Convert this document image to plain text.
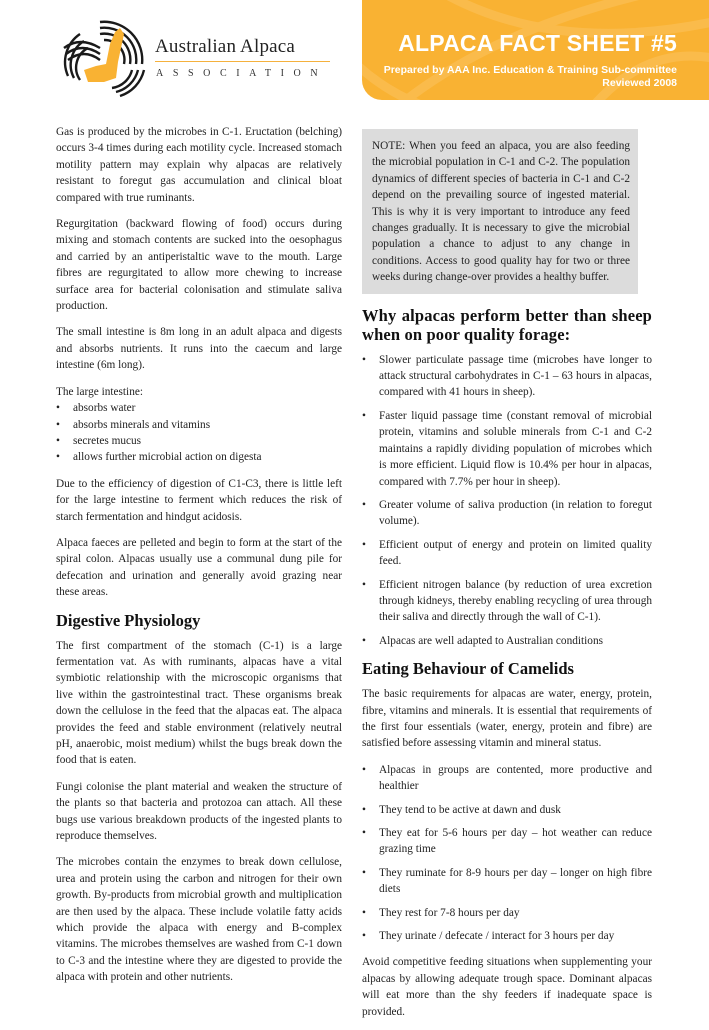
Australian Alpaca
ASSOCIATION
ALPACA FACT SHEET #5
Prepared by AAA Inc. Education & Training Sub-committee
Reviewed 2008

Gas is produced by the microbes in C-1. Eructation (belching) occurs 3-4 times during each motility cycle. Increased stomach motility pattern may explain why alpacas are relatively resistant to foregut gas accumulation and clinical bloat compared with true ruminants.

Regurgitation (backward flowing of food) occurs during mixing and stomach contents are sucked into the oesophagus and carried by an antiperistaltic wave to the mouth. Large fibres are regurgitated to allow more chewing to increase surface area for bacterial colonisation and stimulate saliva production.

The small intestine is 8m long in an adult alpaca and digests and absorbs nutrients. It runs into the caecum and large intestine (6m long).

The large intestine:

• absorbs water
• absorbs minerals and vitamins
• secretes mucus
• allows further microbial action on digesta

Due to the efficiency of digestion of C1-C3, there is little left for the large intestine to ferment which reduces the risk of starch fermentation and hindgut acidosis.

Alpaca faeces are pelleted and begin to form at the start of the spiral colon. Alpacas usually use a communal dung pile for defecation and urination and generally avoid grazing near these areas.

Digestive Physiology

The first compartment of the stomach (C-1) is a large fermentation vat. As with ruminants, alpacas have a vital symbiotic relationship with the microscopic organisms that live within the gastrointestinal tract. These organisms break down the cellulose in the feed that the alpacas eat. The alpaca provides the feed and stable environment (relatively neutral pH, anaerobic, moist medium) whilst the bugs break down the food that is eaten.

Fungi colonise the plant material and weaken the structure of the plants so that bacteria and protozoa can attach. All these bugs use various breakdown products of the ingested plants to reproduce themselves.

The microbes contain the enzymes to break down cellulose, urea and protein using the carbon and nitrogen for their own growth. By-products from microbial growth and multiplication are then used by the alpaca. These include volatile fatty acids which provide the alpaca with energy and B-complex vitamins. The microbes themselves are washed from C-1 down to C-3 and the intestine where they are digested to provide the alpaca with protein and other nutrients.

NOTE: When you feed an alpaca, you are also feeding the microbial population in C-1 and C-2. The population dynamics of different species of bacteria in C-1 and C-2 depend on the prevailing source of ingested material. This is why it is very important to introduce any feed changes gradually. It is necessary to give the microbial population a chance to adjust to any change in conditions. Access to good quality hay for two or three weeks during change-over provides a healthy buffer.

Why alpacas perform better than sheep when on poor quality forage:
• Slower particulate passage time (microbes have longer to attack structural carbohydrates in C-1 – 63 hours in alpacas, compared with 41 hours in sheep).
• Faster liquid passage time (constant removal of microbial protein, vitamins and soluble minerals from C-1 and C-2 maintains a rapidly dividing population of microbes which is more efficient. Liquid flow is 10.4% per hour in alpacas, compared with 7.7% per hour in sheep).
• Greater volume of saliva production (in relation to foregut volume).
• Efficient output of energy and protein on limited quality feed.
• Efficient nitrogen balance (by reduction of urea excretion through kidneys, thereby enabling recycling of urea through their saliva and directly through the wall of C-1).
• Alpacas are well adapted to Australian conditions
Eating Behaviour of Camelids

The basic requirements for alpacas are water, energy, protein, fibre, vitamins and minerals. It is essential that requirements of the first four essentials (water, energy, protein and fibre) are satisfied before assessing vitamin and mineral status.

• Alpacas in groups are contented, more productive and healthier
• They tend to be active at dawn and dusk
• They eat for 5-6 hours per day – hot weather can reduce grazing time
• They ruminate for 8-9 hours per day – longer on high fibre diets
• They rest for 7-8 hours per day
• They urinate / defecate / interact for 3 hours per day

Avoid competitive feeding situations when supplementing your alpacas by allowing adequate trough space. Dominant alpacas will eat more than the shy feeders if inadequate space is provided.
